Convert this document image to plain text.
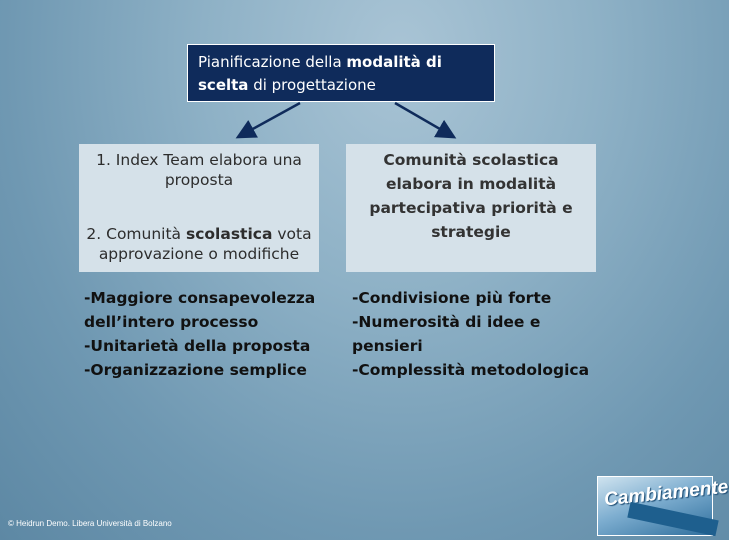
Pianificazione della modalità di
scelta di progettazione
1. Index Team elabora una proposta
2. Comunità scolastica vota approvazione o modifiche
Comunità scolastica elabora in modalità partecipativa priorità e strategie
-Maggiore consapevolezza
dell’intero processo
-Unitarietà della proposta
-Organizzazione semplice
-Condivisione più forte
-Numerosità di idee e
pensieri
-Complessità metodologica
© Heidrun Demo. Libera Università di Bolzano
Cambiamente
